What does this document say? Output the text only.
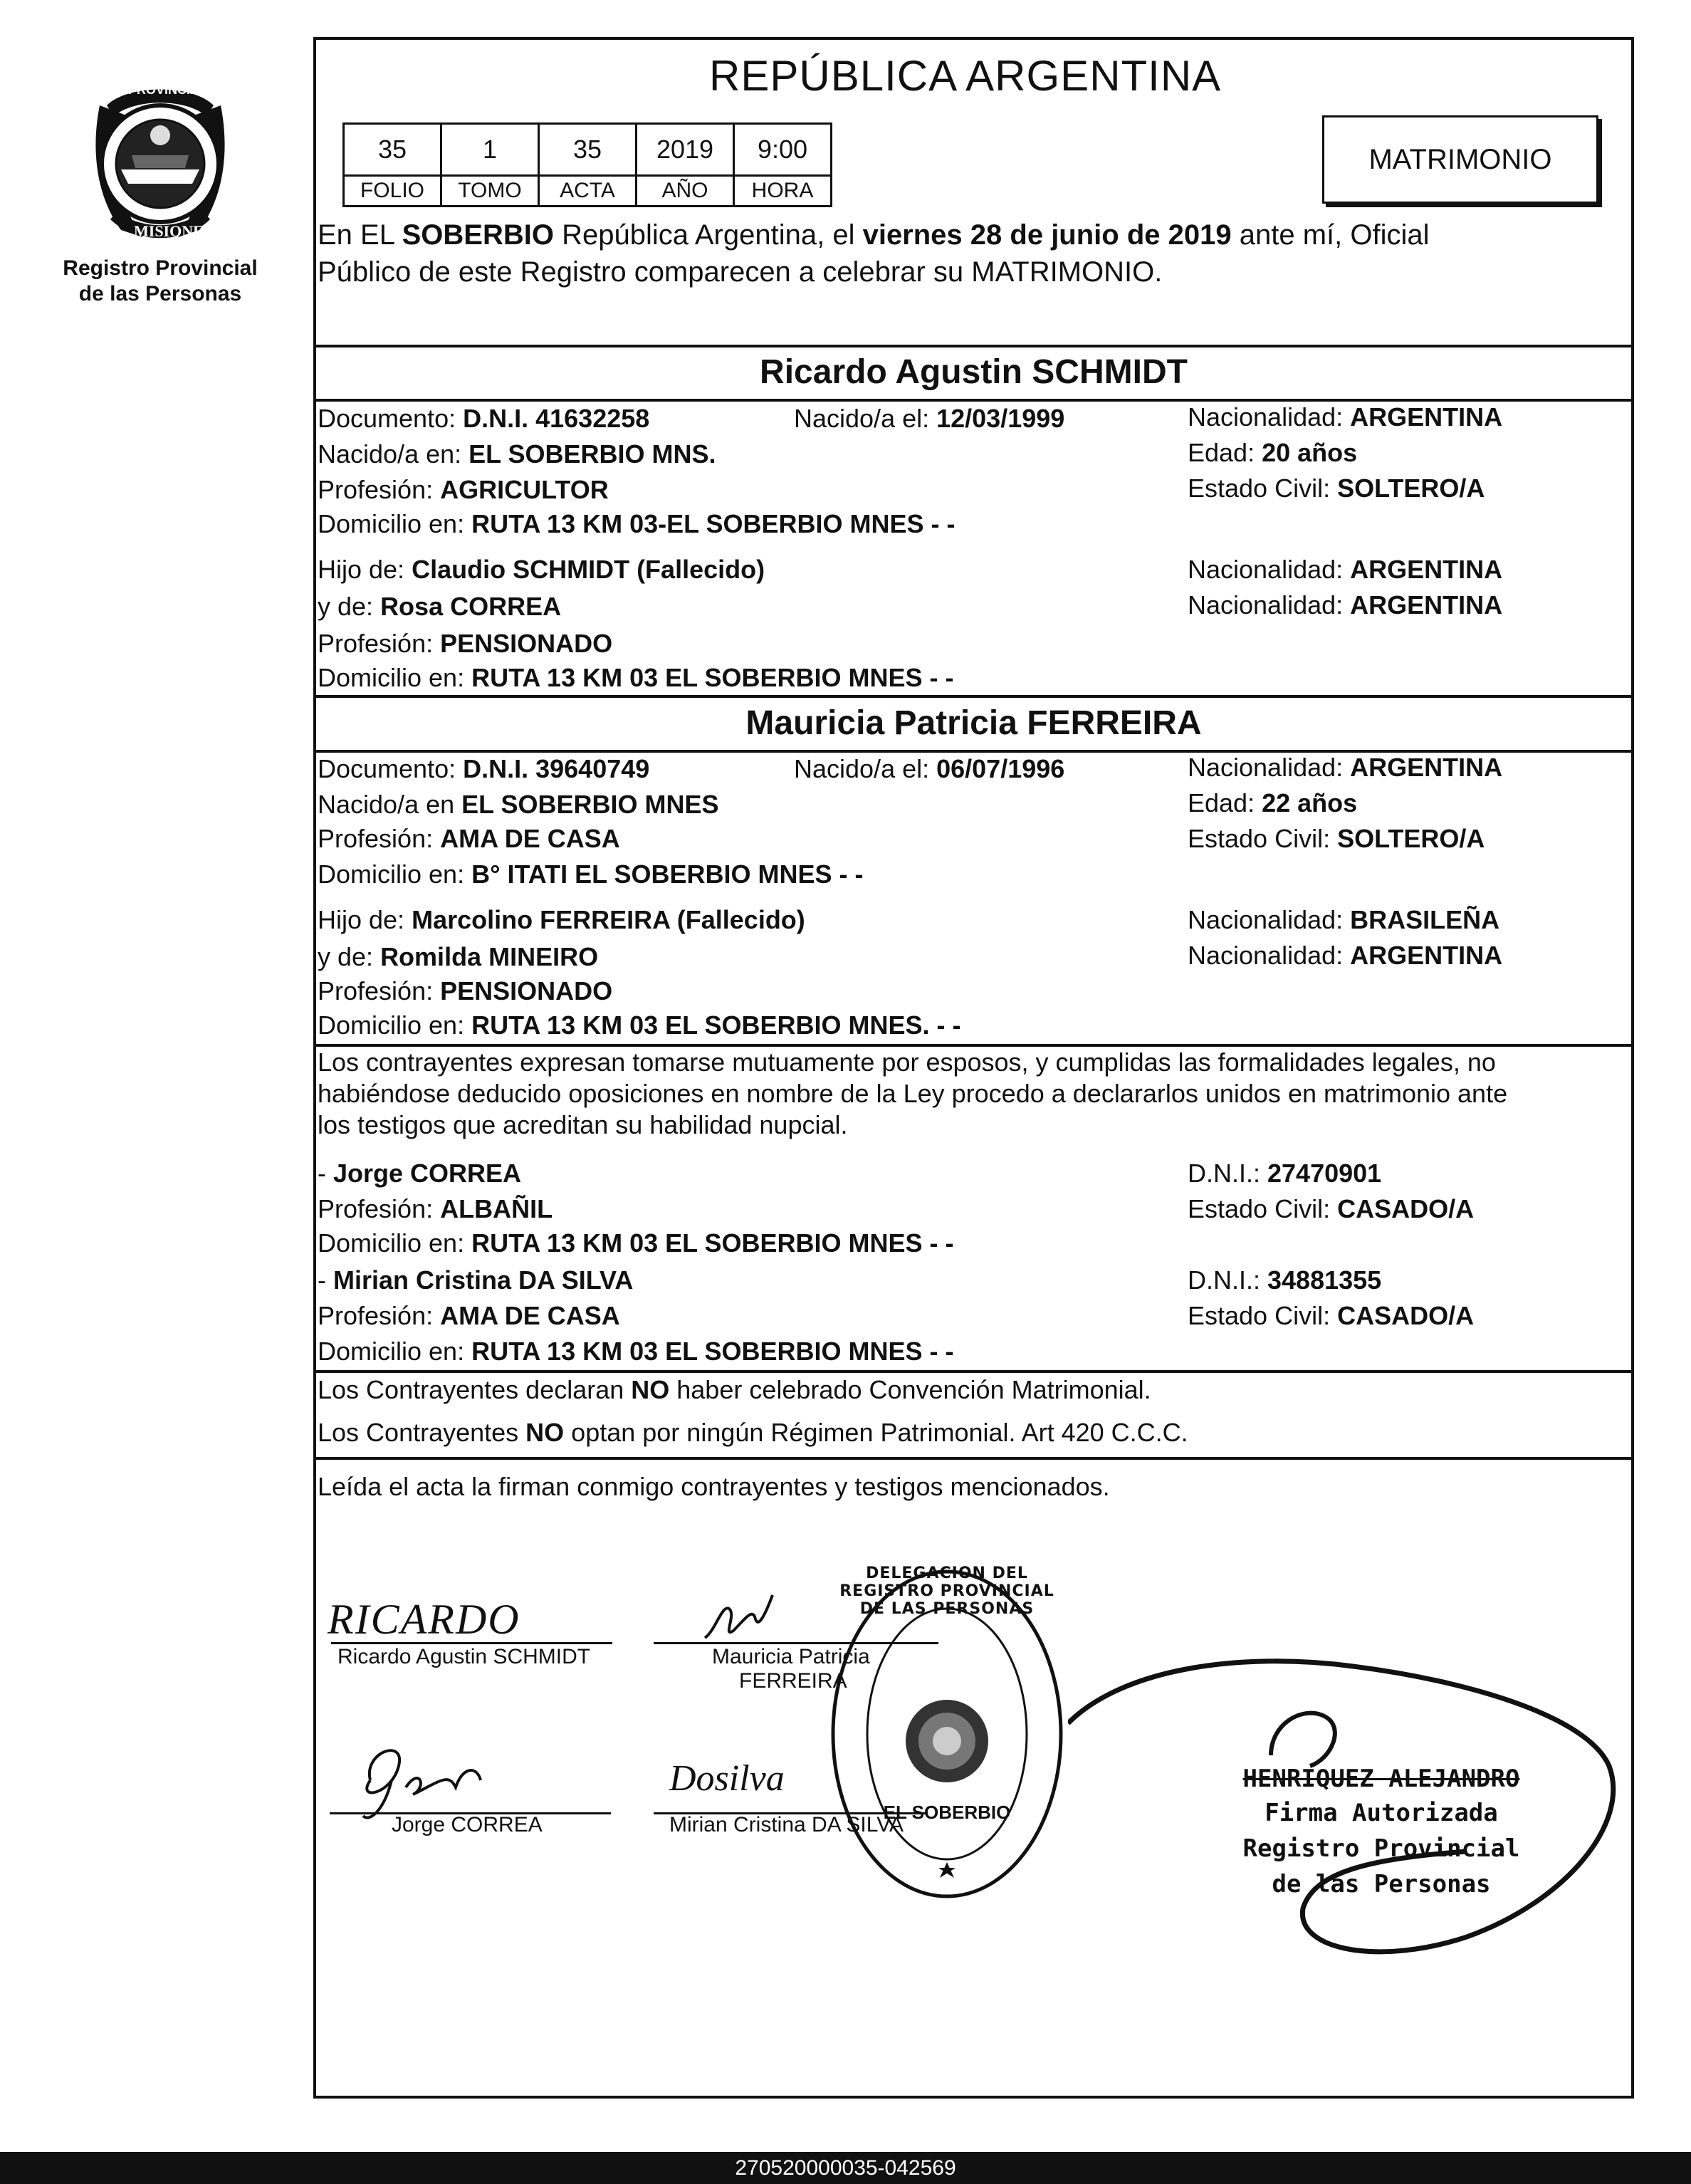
PROVINCIA DE
MISIONES
Registro Provincial
de las Personas
REPÚBLICA ARGENTINA
35	1	35	2019	9:00
FOLIO	TOMO	ACTA	AÑO	HORA
MATRIMONIO
En EL SOBERBIO República Argentina, el viernes 28 de junio de 2019 ante mí, Oficial
Público de este Registro comparecen a celebrar su MATRIMONIO.
Ricardo Agustin SCHMIDT
Documento: D.N.I. 41632258	Nacido/a el: 12/03/1999	Nacionalidad: ARGENTINA
Nacido/a en: EL SOBERBIO MNS.	Edad: 20 años
Profesión: AGRICULTOR	Estado Civil: SOLTERO/A
Domicilio en: RUTA 13 KM 03-EL SOBERBIO MNES - -
Hijo de: Claudio SCHMIDT (Fallecido)	Nacionalidad: ARGENTINA
y de: Rosa CORREA	Nacionalidad: ARGENTINA
Profesión: PENSIONADO
Domicilio en: RUTA 13 KM 03 EL SOBERBIO MNES - -
Mauricia Patricia FERREIRA
Documento: D.N.I. 39640749	Nacido/a el: 06/07/1996	Nacionalidad: ARGENTINA
Nacido/a en EL SOBERBIO MNES	Edad: 22 años
Profesión: AMA DE CASA	Estado Civil: SOLTERO/A
Domicilio en: B° ITATI EL SOBERBIO MNES - -
Hijo de: Marcolino FERREIRA (Fallecido)	Nacionalidad: BRASILEÑA
y de: Romilda MINEIRO	Nacionalidad: ARGENTINA
Profesión: PENSIONADO
Domicilio en: RUTA 13 KM 03 EL SOBERBIO MNES. - -
Los contrayentes expresan tomarse mutuamente por esposos, y cumplidas las formalidades legales, no
habiéndose deducido oposiciones en nombre de la Ley procedo a declararlos unidos en matrimonio ante
los testigos que acreditan su habilidad nupcial.
- Jorge CORREA	D.N.I.: 27470901
Profesión: ALBAÑIL	Estado Civil: CASADO/A
Domicilio en: RUTA 13 KM 03 EL SOBERBIO MNES - -
- Mirian Cristina DA SILVA	D.N.I.: 34881355
Profesión: AMA DE CASA	Estado Civil: CASADO/A
Domicilio en: RUTA 13 KM 03 EL SOBERBIO MNES - -
Los Contrayentes declaran NO haber celebrado Convención Matrimonial.
Los Contrayentes NO optan por ningún Régimen Patrimonial. Art 420 C.C.C.
Leída el acta la firman conmigo contrayentes y testigos mencionados.
RICARDO
Ricardo Agustin SCHMIDT	Mauricia Patricia
FERREIRA
Jorge CORREA
Dosilva
Mirian Cristina DA SILVA
DELEGACION DEL REGISTRO PROVINCIAL DE LAS PERSONAS
EL SOBERBIO
HENRIQUEZ ALEJANDRO
Firma Autorizada
Registro Provincial
de las Personas
270520000035-042569
